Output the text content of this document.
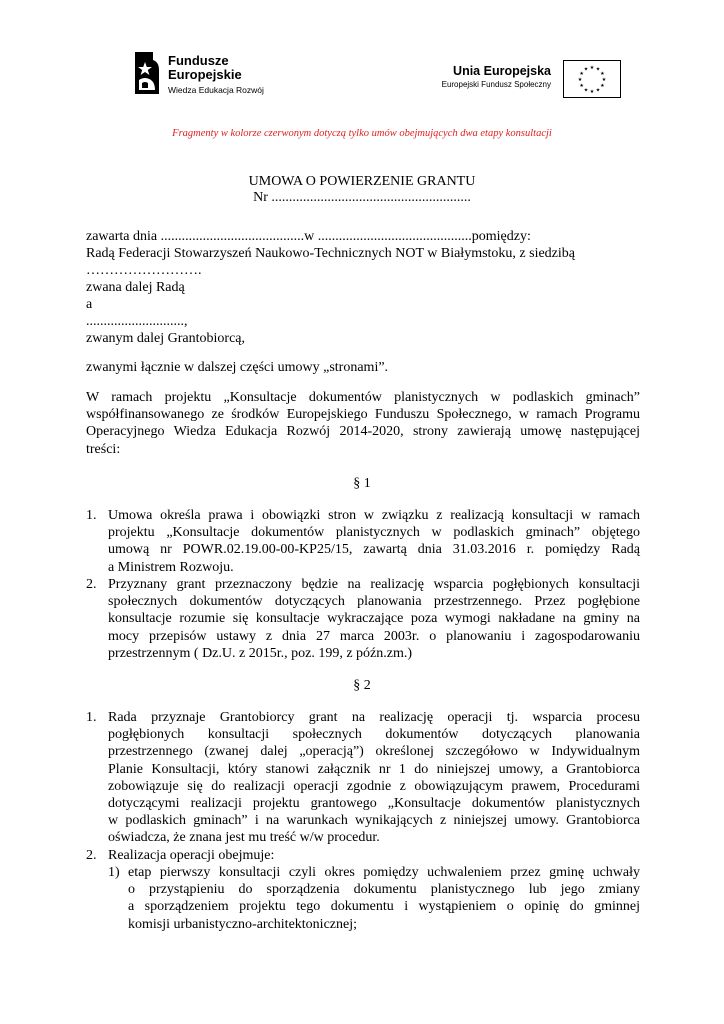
Fundusze
Europejskie
Wiedza Edukacja Rozwój
Unia Europejska
Europejski Fundusz Społeczny
★ ★
★
★
★
★
★
★
★
★
★
★
Fragmenty w kolorze czerwonym dotyczą tylko umów obejmujących dwa etapy konsultacji
UMOWA O POWIERZENIE GRANTU
Nr .........................................................
zawarta dnia .........................................w ............................................pomiędzy:
Radą Federacji Stowarzyszeń Naukowo-Technicznych NOT w Białymstoku, z siedzibą
…………………….
zwana dalej Radą
a
............................,
zwanym dalej Grantobiorcą,
zwanymi łącznie w dalszej części umowy „stronami”.
W ramach projektu „Konsultacje dokumentów planistycznych w podlaskich gminach”
współfinansowanego ze środków Europejskiego Funduszu Społecznego, w ramach Programu
Operacyjnego Wiedza Edukacja Rozwój 2014-2020, strony zawierają umowę następującej
treści:
§ 1
1. Umowa określa prawa i obowiązki stron w związku z realizacją konsultacji w ramach
projektu „Konsultacje dokumentów planistycznych w podlaskich gminach” objętego
umową nr POWR.02.19.00-00-KP25/15, zawartą dnia 31.03.2016 r. pomiędzy Radą
a Ministrem Rozwoju.
2. Przyznany grant przeznaczony będzie na realizację wsparcia pogłębionych konsultacji
społecznych dokumentów dotyczących planowania przestrzennego. Przez pogłębione
konsultacje rozumie się konsultacje wykraczające poza wymogi nakładane na gminy na
mocy przepisów ustawy z dnia 27 marca 2003r. o planowaniu i zagospodarowaniu
przestrzennym ( Dz.U. z 2015r., poz. 199, z późn.zm.)
§ 2
1. Rada przyznaje Grantobiorcy grant na realizację operacji tj. wsparcia procesu
pogłębionych konsultacji społecznych dokumentów dotyczących planowania
przestrzennego (zwanej dalej „operacją”) określonej szczegółowo w Indywidualnym
Planie Konsultacji, który stanowi załącznik nr 1 do niniejszej umowy, a Grantobiorca
zobowiązuje się do realizacji operacji zgodnie z obowiązującym prawem, Procedurami
dotyczącymi realizacji projektu grantowego „Konsultacje dokumentów planistycznych
w podlaskich gminach” i na warunkach wynikających z niniejszej umowy. Grantobiorca
oświadcza, że znana jest mu treść w/w procedur.
2. Realizacja operacji obejmuje:
1) etap pierwszy konsultacji czyli okres pomiędzy uchwaleniem przez gminę uchwały
o przystąpieniu do sporządzenia dokumentu planistycznego lub jego zmiany
a sporządzeniem projektu tego dokumentu i wystąpieniem o opinię do gminnej
komisji urbanistyczno-architektonicznej;
